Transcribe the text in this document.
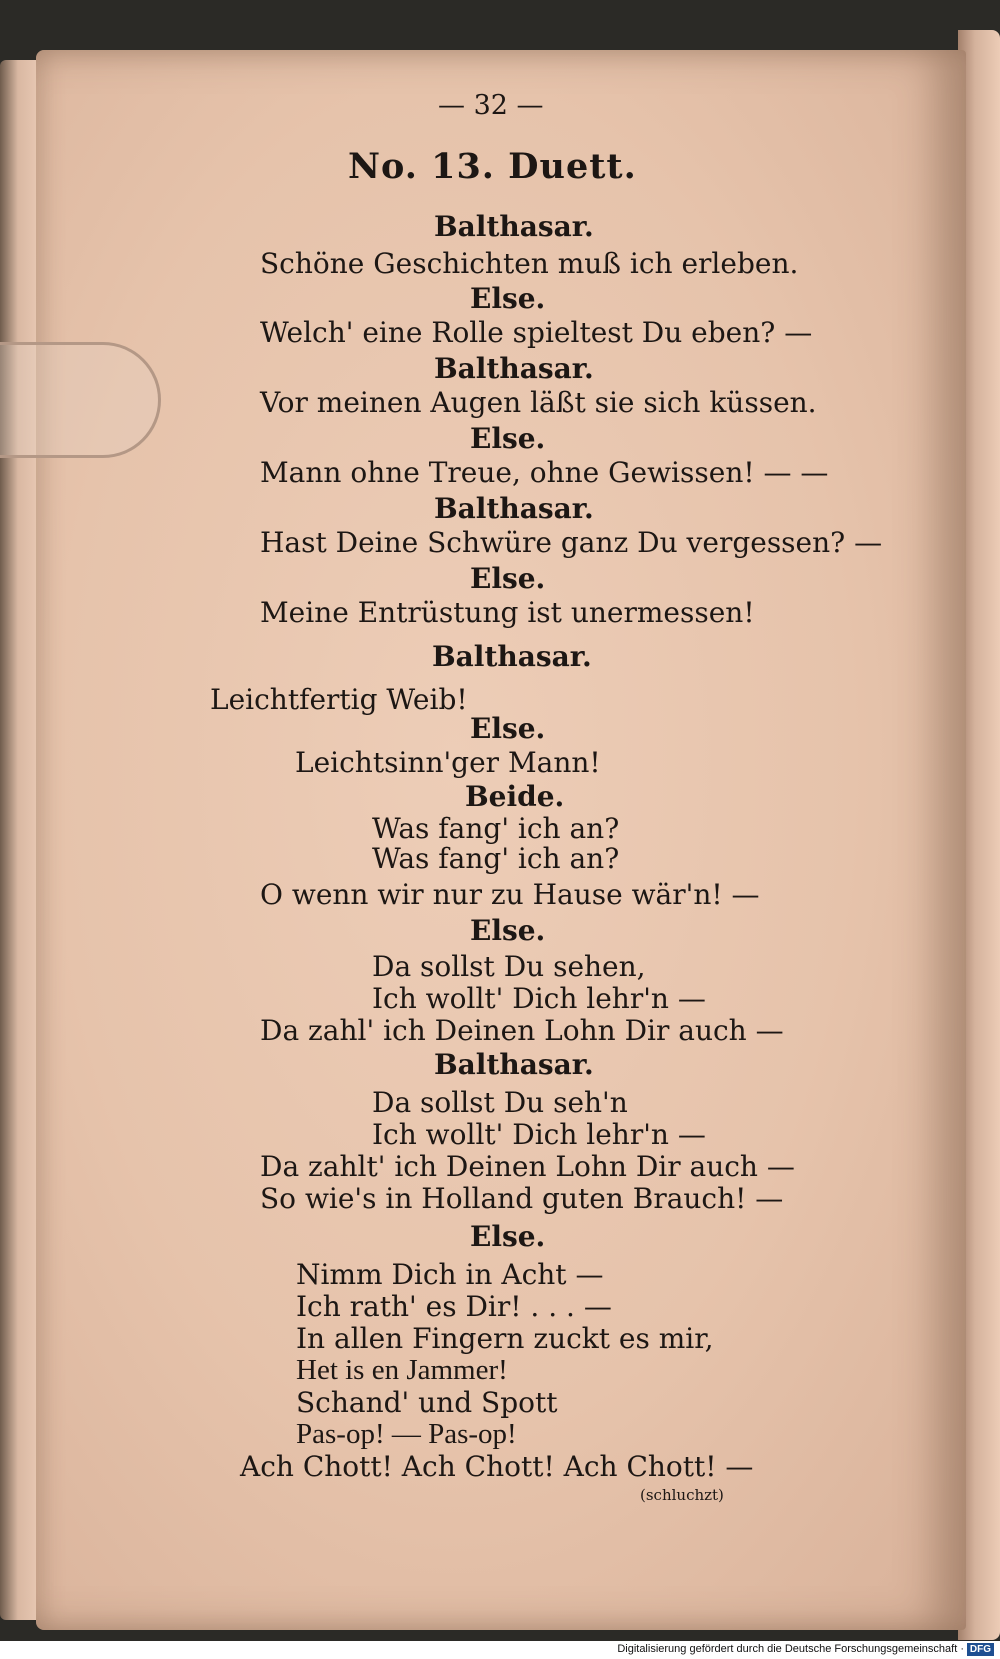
— 32 —
No. 13. Duett.
Balthasar.
Schöne Geschichten muß ich erleben.
Else.
Welch' eine Rolle spieltest Du eben? —
Balthasar.
Vor meinen Augen läßt sie sich küssen.
Else.
Mann ohne Treue, ohne Gewissen! — —
Balthasar.
Hast Deine Schwüre ganz Du vergessen? —
Else.
Meine Entrüstung ist unermessen!
Balthasar.
Leichtfertig Weib!
Else.
Leichtsinn'ger Mann!
Beide.
Was fang' ich an?
Was fang' ich an?
O wenn wir nur zu Hause wär'n! —
Else.
Da sollst Du sehen,
Ich wollt' Dich lehr'n —
Da zahl' ich Deinen Lohn Dir auch —
Balthasar.
Da sollst Du seh'n
Ich wollt' Dich lehr'n —
Da zahlt' ich Deinen Lohn Dir auch —
So wie's in Holland guten Brauch! —
Else.
Nimm Dich in Acht —
Ich rath' es Dir! . . . —
In allen Fingern zuckt es mir,
Het is en Jammer!
Schand' und Spott
Pas-op! — Pas-op!
Ach Chott! Ach Chott! Ach Chott! —
(schluchzt)
Digitalisierung gefördert durch die Deutsche Forschungsgemeinschaft · DFG
